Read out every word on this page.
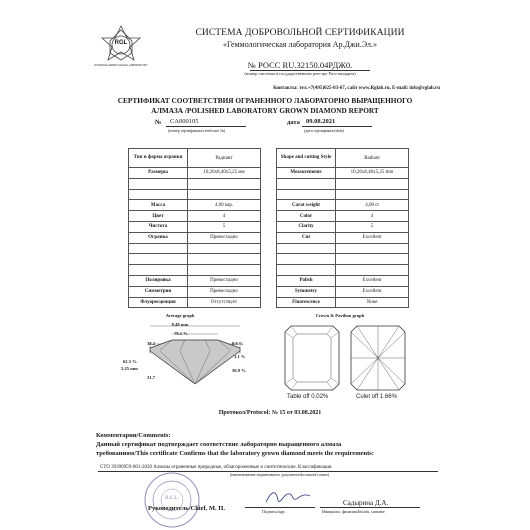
RGL
RUSSIAN GEMOLOGICAL LABORATORY
СИСТЕМА ДОБРОВОЛЬНОЙ СЕРТИФИКАЦИИ
«Геммологическая лаборатория Ар.Джи.Эл.»
№ РОСС RU.З2150.04РДЖ0.
(номер системы в государственном реестре Росстандарта)
Контакты: тел.+7(495)025-03-67, сайт www.Rglab.ru, E-mail: info@rglab.ru
СЕРТИФИКАТ СООТВЕТСТВИЯ ОГРАНЕННОГО ЛАБОРАТОРНО ВЫРАЩЕННОГО
АЛМАЗА /POLISHED LABORATORY GROWN DIAMOND REPORT
№ CA000105
(номер сертификата/certificate №)
дата 09.08.2021
(дата сертификата/date)
Тип и форма огранки	Радиант
Размеры	10,26х8,40х5,25 мм

Масса	4,00 кар.
Цвет	4
Чистота	5
Огранка	Превосходно

Полировка	Превосходно
Симметрия	Превосходно
Флуоресценция	Отсутствует
Shape and cutting Style	Radiant
Measurements	10,26х8,40х5,25 mm

Carat weight	4,00 ct
Color	4
Clarity	5
Cut	Excellent

Polish	Excellent
Symmetry	Excellent
Fluorescence	None
Average graph
8.40 mm
70.1 %
38.2	8.6 %
3.1 %
62.5 %
5.25 mm	50.9 %
31.7
Crown & Pavilion graph
Table off 0.02%	Culet off 1.66%
Протокол/Protocol: № 15 от 03.08.2021
Комментарии/Comments:
Данный сертификат подтверждает соответствие лабораторно выращенного алмаза
требованиям/This certificate Confirms that the laboratory grown diamond meets the requirements:
СТО 39300959-001-2020 Алмазы ограненные природные, облагороженные и синтетические. Классификация.
(наименование нормативного документа/document's name)
R.G.L.
Руководитель/Chief, М. П.	Подпись/sign
Садырина Д.А.
Инициалы, фамилия/Initials, surname
